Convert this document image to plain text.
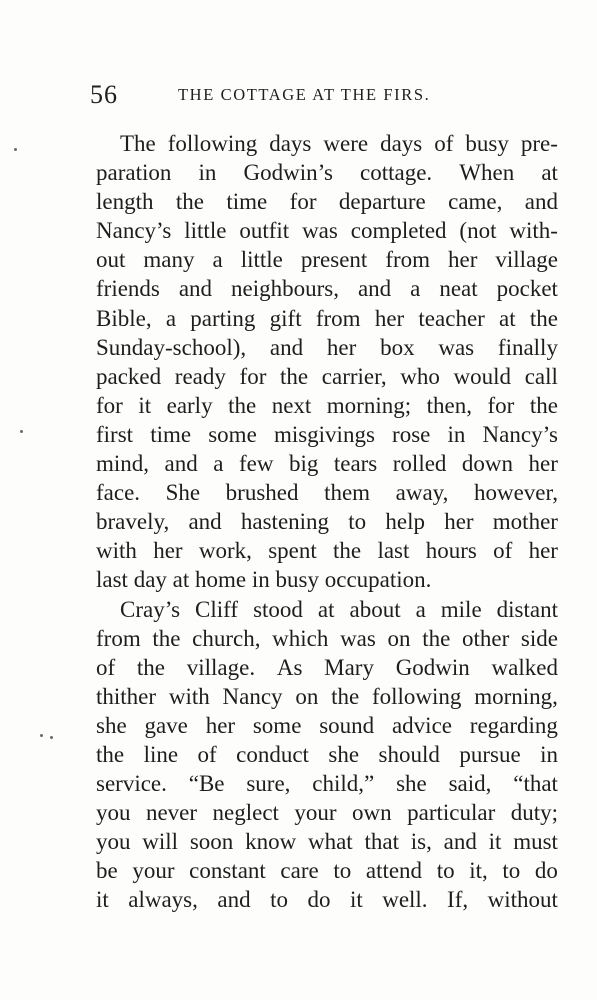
56	THE COTTAGE AT THE FIRS.
The following days were days of busy pre-
paration in Godwin’s cottage. When at
length the time for departure came, and
Nancy’s little outfit was completed (not with-
out many a little present from her village
friends and neighbours, and a neat pocket
Bible, a parting gift from her teacher at the
Sunday-school), and her box was finally
packed ready for the carrier, who would call
for it early the next morning; then, for the
first time some misgivings rose in Nancy’s
mind, and a few big tears rolled down her
face. She brushed them away, however,
bravely, and hastening to help her mother
with her work, spent the last hours of her
last day at home in busy occupation.
Cray’s Cliff stood at about a mile distant
from the church, which was on the other side
of the village. As Mary Godwin walked
thither with Nancy on the following morning,
she gave her some sound advice regarding
the line of conduct she should pursue in
service. “Be sure, child,” she said, “that
you never neglect your own particular duty;
you will soon know what that is, and it must
be your constant care to attend to it, to do
it always, and to do it well. If, without
